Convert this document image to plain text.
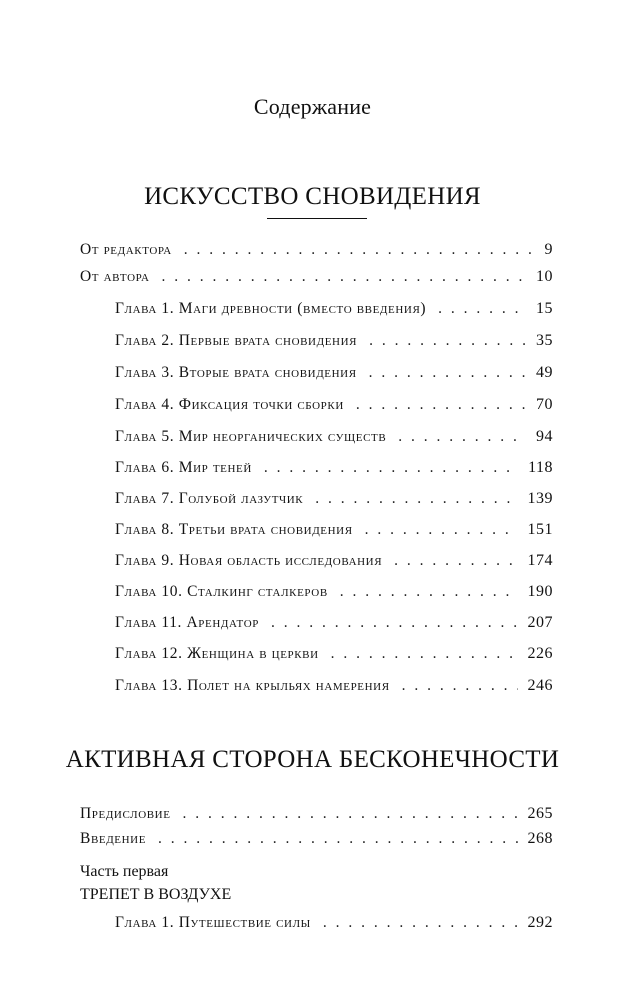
Содержание
ИСКУССТВО СНОВИДЕНИЯ
От редактора . . .	9
От автора . . .	10
Глава 1. Маги древности (вместо введения) . . .	15
Глава 2. Первые врата сновидения . . .	35
Глава 3. Вторые врата сновидения . . .	49
Глава 4. Фиксация точки сборки . . .	70
Глава 5. Мир неорганических существ . . .	94
Глава 6. Мир теней . . .	118
Глава 7. Голубой лазутчик . . .	139
Глава 8. Третьи врата сновидения . . .	151
Глава 9. Новая область исследования . . .	174
Глава 10. Сталкинг сталкеров . . .	190
Глава 11. Арендатор . . .	207
Глава 12. Женщина в церкви . . .	226
Глава 13. Полет на крыльях намерения . . .	246
АКТИВНАЯ СТОРОНА БЕСКОНЕЧНОСТИ
Предисловие . . .	265
Введение . . .	268
Часть первая
ТРЕПЕТ В ВОЗДУХЕ
Глава 1. Путешествие силы . . .	292
